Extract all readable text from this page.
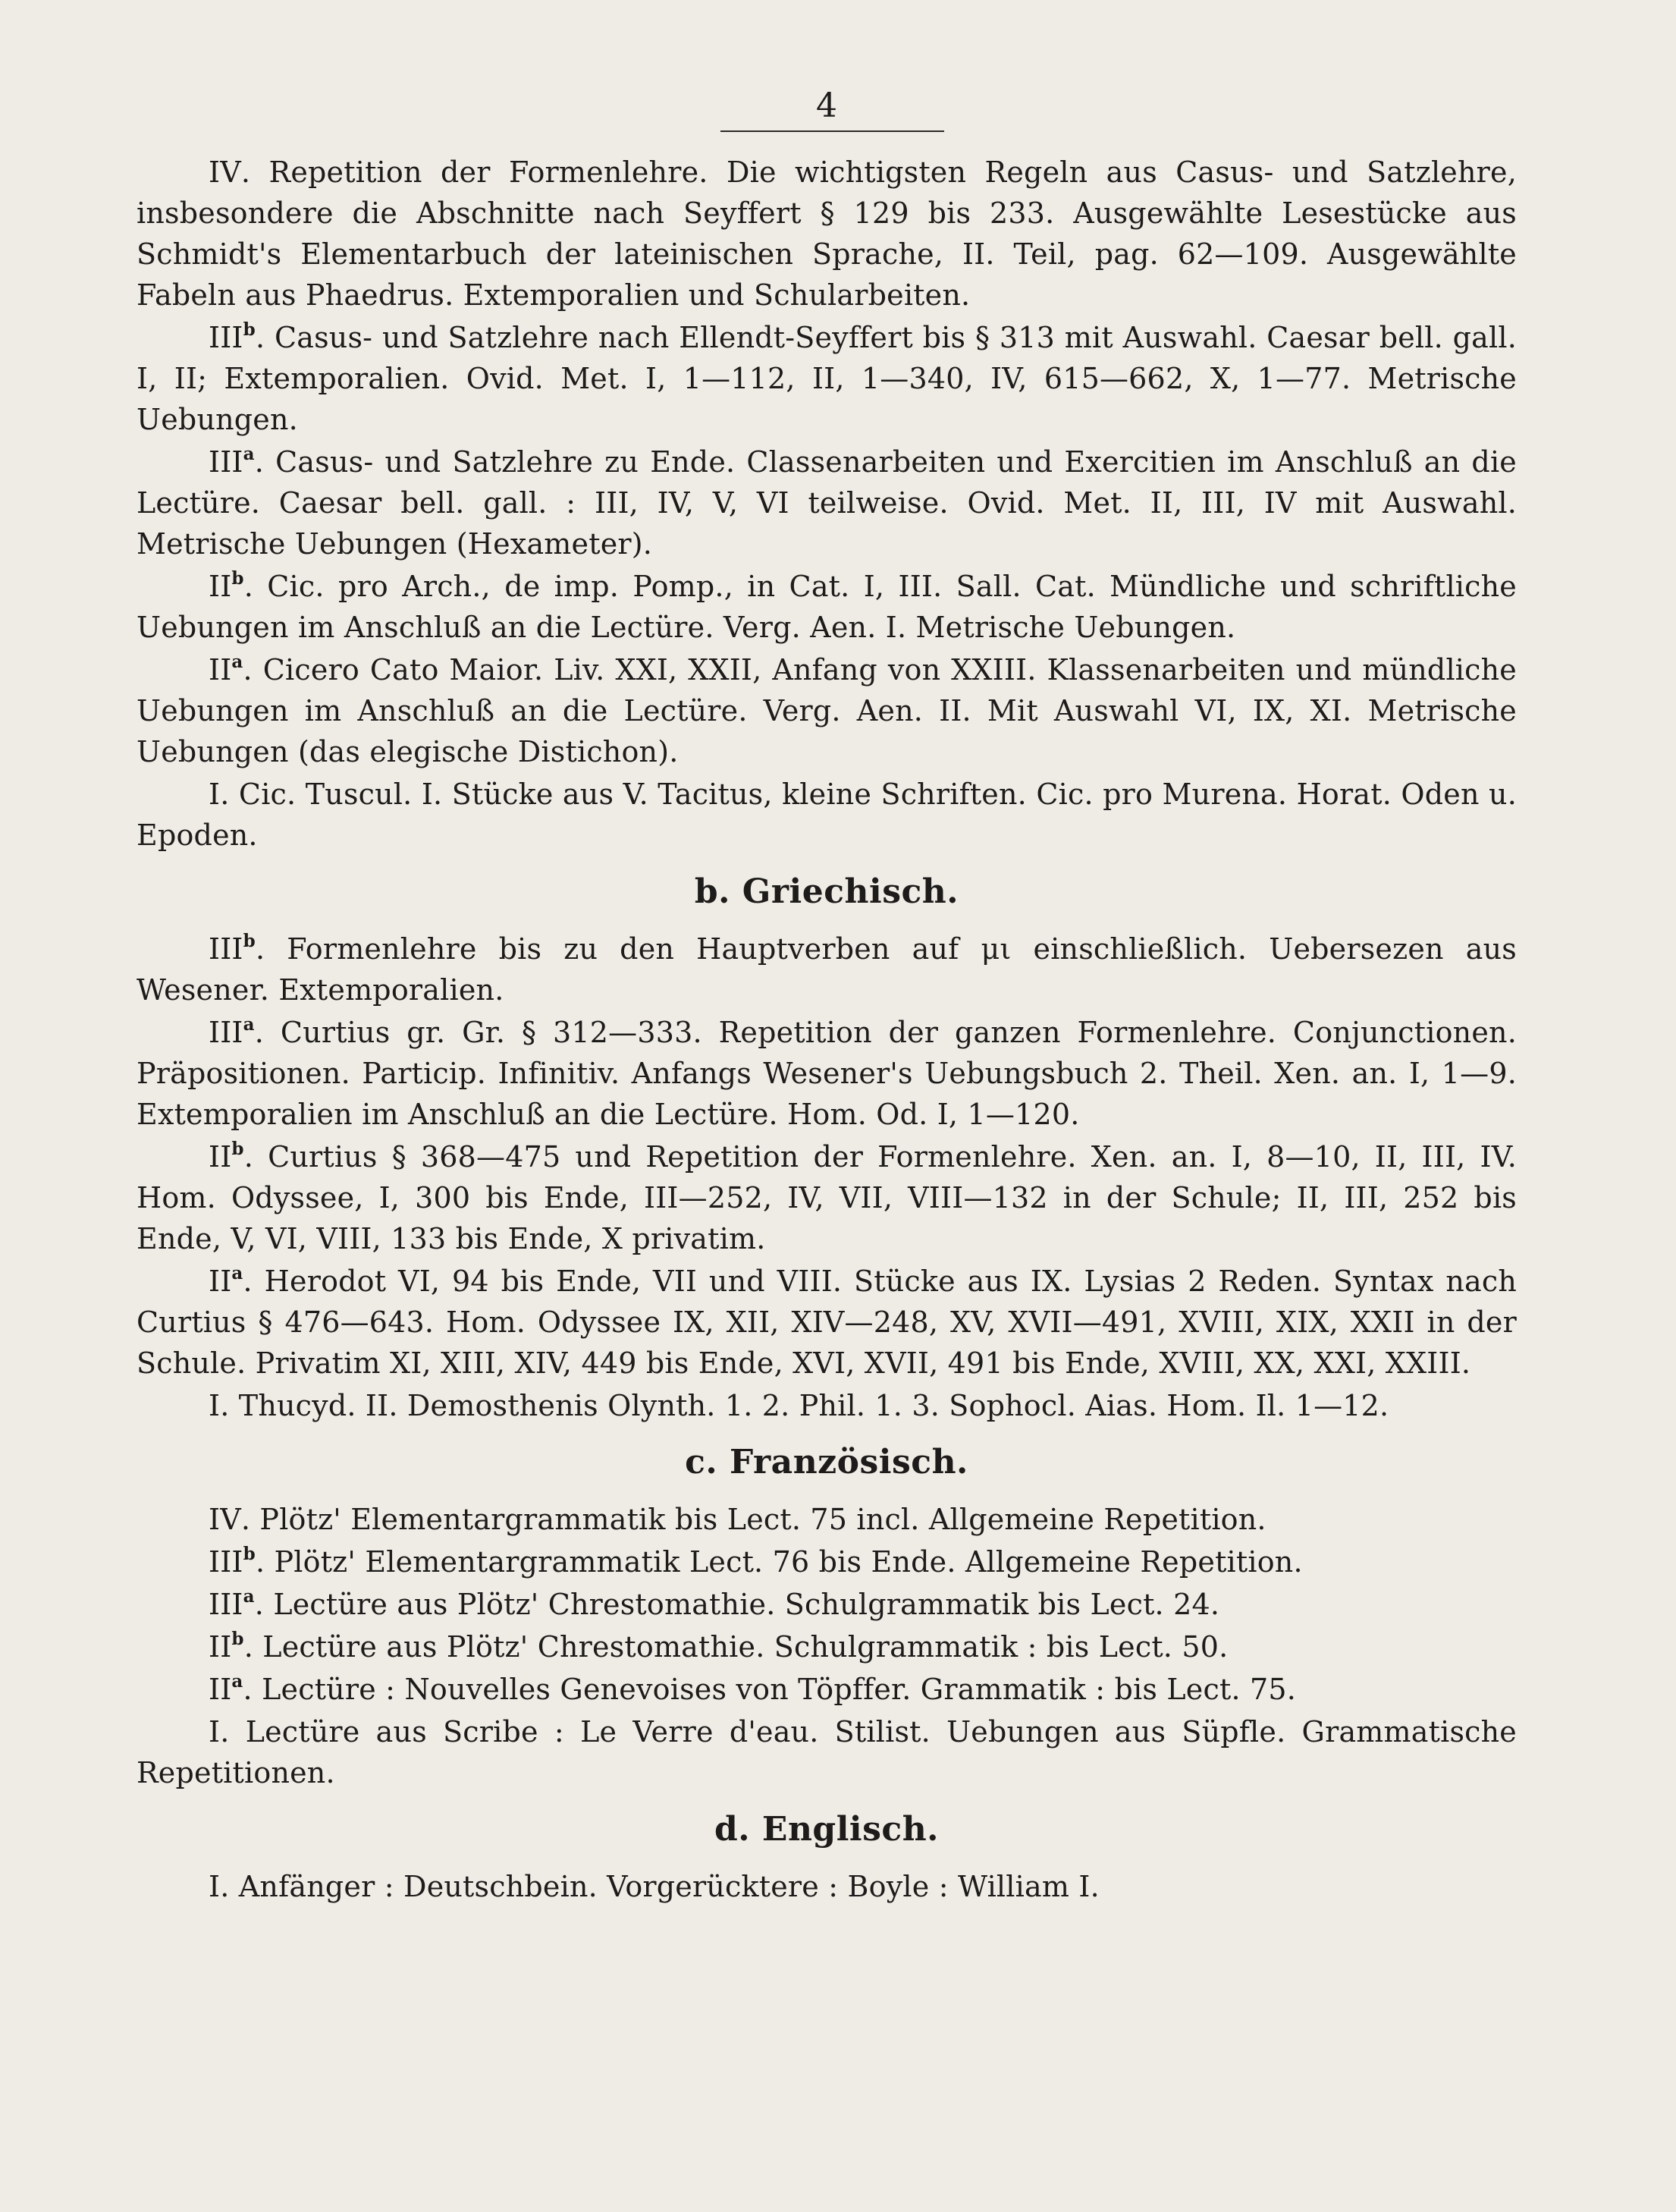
4

IV. Repetition der Formenlehre. Die wichtigsten Regeln aus Casus- und Satzlehre, insbesondere die Abschnitte nach Seyffert § 129 bis 233. Ausgewählte Lesestücke aus Schmidt's Elementarbuch der lateinischen Sprache, II. Teil, pag. 62—109. Ausgewählte Fabeln aus Phaedrus. Extemporalien und Schularbeiten.

III$^b$. Casus- und Satzlehre nach Ellendt-Seyffert bis § 313 mit Auswahl. Caesar bell. gall. I, II; Extemporalien. Ovid. Met. I, 1—112, II, 1—340, IV, 615—662, X, 1—77. Metrische Uebungen.

III$^a$. Casus- und Satzlehre zu Ende. Classenarbeiten und Exercitien im Anschluß an die Lectüre. Caesar bell. gall. : III, IV, V, VI teilweise. Ovid. Met. II, III, IV mit Auswahl. Metrische Uebungen (Hexameter).

$II^b$. Cic. pro Arch., de imp. Pomp., in Cat. I, III. Sall. Cat. Mündliche und schriftliche Uebungen im Anschluß an die Lectüre. Verg. Aen. I. Metrische Uebungen.

$II^a$. Cicero Cato Maior. Liv. XXI, XXII, Anfang von XXIII. Klassenarbeiten und mündliche Uebungen im Anschluß an die Lectüre. Verg. Aen. II. Mit Auswahl VI, IX, XI. Metrische Uebungen (das elegische Distichon).

I. Cic. Tuscul. I. Stücke aus V. Tacitus, kleine Schriften. Cic. pro Murena. Horat. Oden u. Epoden.

b. Griechisch.

III$^b$. Formenlehre bis zu den Hauptverben auf μι einschließlich. Uebersezen aus Wesener. Extemporalien.

III$^a$. Curtius gr. Gr. § 312—333. Repetition der ganzen Formenlehre. Conjunctionen. Präpositionen. Particip. Infinitiv. Anfangs Wesener's Uebungsbuch 2. Theil. Xen. an. I, 1—9. Extemporalien im Anschluß an die Lectüre. Hom. Od. I, 1—120.

$II^b$. Curtius § 368—475 und Repetition der Formenlehre. Xen. an. I, 8—10, II, III, IV. Hom. Odyssee, I, 300 bis Ende, III—252, IV, VII, VIII—132 in der Schule; II, III, 252 bis Ende, V, VI, VIII, 133 bis Ende, X privatim.

$II^a$. Herodot VI, 94 bis Ende, VII und VIII. Stücke aus IX. Lysias 2 Reden. Syntax nach Curtius § 476—643. Hom. Odyssee IX, XII, XIV—248, XV, XVII—491, XVIII, XIX, XXII in der Schule. Privatim XI, XIII, XIV, 449 bis Ende, XVI, XVII, 491 bis Ende, XVIII, XX, XXI, XXIII.

I. Thucyd. II. Demosthenis Olynth. 1. 2. Phil. 1. 3. Sophocl. Aias. Hom. Il. 1—12.

c. Französisch.

IV. Plötz' Elementargrammatik bis Lect. 75 incl. Allgemeine Repetition.

III$^b$. Plötz' Elementargrammatik Lect. 76 bis Ende. Allgemeine Repetition.

III$^a$. Lectüre aus Plötz' Chrestomathie. Schulgrammatik bis Lect. 24.

$II^b$. Lectüre aus Plötz' Chrestomathie. Schulgrammatik : bis Lect. 50.

$II^a$. Lectüre : Nouvelles Genevoises von Töpffer. Grammatik : bis Lect. 75.

I. Lectüre aus Scribe : Le Verre d'eau. Stilist. Uebungen aus Süpfle. Grammatische Repetitionen.

d. Englisch.

I. Anfänger : Deutschbein. Vorgerücktere : Boyle : William I.
